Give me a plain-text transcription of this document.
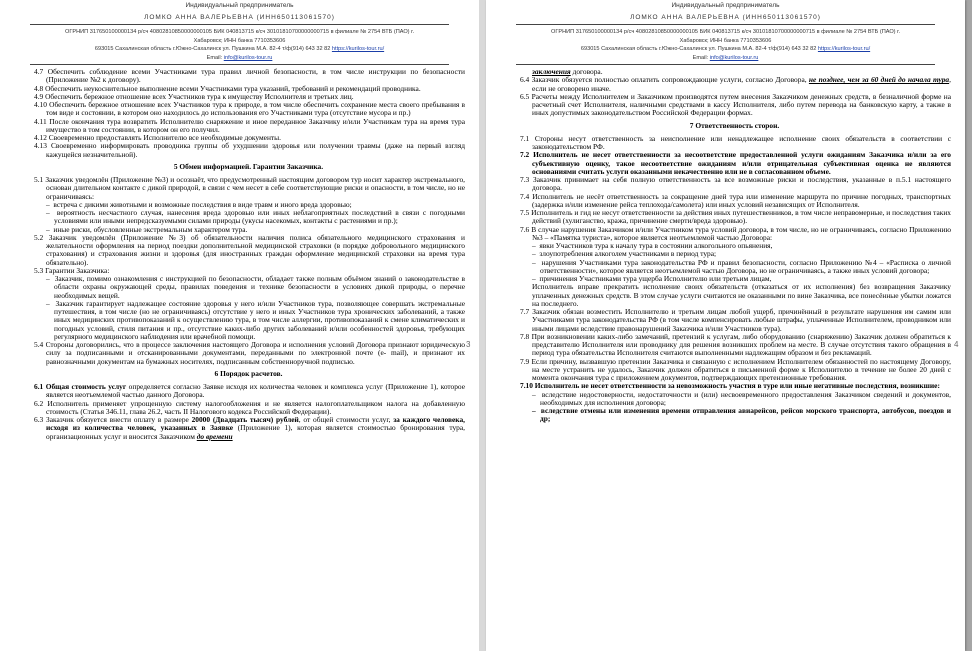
Индивидуальный предприниматель
ЛОМКО АННА ВАЛЕРЬЕВНА (ИНН650113061570)
ОГРНИП 317650100000134 р/сч 40802810850000000105 БИК 040813715 к/сч 30101810700000000715 в филиале № 2754 ВТБ (ПАО) г.
Хабаровск; ИНН банка 7710353606
693015 Сахалинская область г.Южно-Сахалинск ул. Пушкина М.А. 82-4 т/ф(914) 643 32 82 https://kurilos-tour.ru/
Email: info@kurilos-tour.ru
4.7 Обеспечить соблюдение всеми Участниками тура правил личной безопасности, в том числе инструкции по безопасности (Приложение №2 к договору).
4.8 Обеспечить неукоснительное выполнение всеми Участниками тура указаний, требований и рекомендаций проводника.
4.9 Обеспечить бережное отношение всех Участников тура к имуществу Исполнителя и третьих лиц.
4.10 Обеспечить бережное отношение всех Участников тура к природе, в том числе обеспечить сохранение места своего пребывания в том виде и состоянии, в котором оно находилось до использования его Участниками тура (отсутствие мусора и пр.)
4.11 После окончания тура возвратить Исполнителю снаряжение и иное переданное Заказчику и/или Участникам тура на время тура имущество в том состоянии, в котором он его получил.
4.12 Своевременно предоставлять Исполнителю все необходимые документы.
4.13 Своевременно информировать проводника группы об ухудшении здоровья или получении травмы (даже на первый взгляд кажущейся незначительной).
5 Обмен информацией. Гарантии Заказчика.
5.1 Заказчик уведомлён (Приложение №3) и осознаёт, что предусмотренный настоящим договором тур носит характер экстремального, основан длительном контакте с дикой природой, в связи с чем несет в себе соответствующие риски и опасности, в том числе, но не ограничиваясь:
–  встреча с дикими животными и возможные последствия в виде травм и иного вреда здоровью;
–  вероятность несчастного случая, нанесения вреда здоровью или иных неблагоприятных последствий в связи с погодными условиями или иными непредсказуемыми силами природы (укусы насекомых, контакты с растениями и пр.);
–  иные риски, обусловленные экстремальным характером тура.
5.2 Заказчик уведомлён (Приложение №3) об обязательности наличия полиса обязательного медицинского страхования и желательности оформления на период поездки дополнительной медицинской страховки (в порядке добровольного медицинского страхования) и страхования жизни и здоровья (для иностранных граждан оформление медицинской страховки на время тура обязательно).
5.3 Гарантии Заказчика:
–  Заказчик, помимо ознакомления с инструкцией по безопасности, обладает также полным объёмом знаний о законодательстве в области охраны окружающей среды, правилах поведения и технике безопасности в условиях дикой природы, о перечне необходимых вещей.
–  Заказчик гарантирует надлежащее состояние здоровья у него и/или Участников тура, позволяющее совершать экстремальные путешествия, в том числе (но не ограничиваясь) отсутствие у него и иных Участников тура хронических заболеваний, а также иных медицинских противопоказаний к осуществлению тура, в том числе аллергии, противопоказаний к смене климатических и погодных условий, стиля питания и пр., отсутствие каких-либо других заболеваний и/или особенностей здоровья, требующих регулярного медицинского наблюдения или врачебной помощи.
5.4 Стороны договорились, что в процессе заключения настоящего Договора и исполнения условий Договора признают юридическую силу за подписанными и отсканированными документами, переданными по электронной почте (e- mail), и признают их равнозначными документам на бумажных носителях, подписанным собственноручной подписью.
6 Порядок расчетов.
6.1 Общая стоимость услуг определяется согласно Заявке исходя их количества человек и комплекса услуг (Приложение 1), которое является неотъемлемой частью данного Договора.
6.2 Исполнитель применяет упрощенную систему налогообложения и не является налогоплательщиком налога на добавленную стоимость (Статья 346.11, глава 26.2, часть II Налогового кодекса Российской Федерации).
6.3 Заказчик обязуется внести оплату в размере 20000 (Двадцать тысяч) рублей, от общей стоимости услуг, за каждого человека, исходя из количества человек, указанных в Заявке (Приложение 1), которая является стоимостью бронирования тура, организационных услуг и вносится Заказчиком до времени
3
Индивидуальный предприниматель
ЛОМКО АННА ВАЛЕРЬЕВНА (ИНН650113061570)
ОГРНИП 317650100000134 р/сч 40802810850000000105 БИК 040813715 к/сч 30101810700000000715 в филиале № 2754 ВТБ (ПАО) г.
Хабаровск; ИНН банка 7710353606
693015 Сахалинская область г.Южно-Сахалинск ул. Пушкина М.А. 82-4 т/ф(914) 643 32 82 https://kurilos-tour.ru/
Email: info@kurilos-tour.ru
заключения договора.
6.4 Заказчик обязуется полностью оплатить сопровождающие услуги, согласно Договора, не позднее, чем за 60 дней до начала тура, если не оговорено иначе.
6.5 Расчеты между Исполнителем и Заказчиком производятся путем внесения Заказчиком денежных средств, в безналичной форме на расчетный счет Исполнителя, наличными средствами в кассу Исполнителя, либо путем перевода на банковскую карту, а также в иных допустимых законодательством Российской Федерации формах.
7 Ответственность сторон.
7.1 Стороны несут ответственность за неисполнение или ненадлежащее исполнение своих обязательств в соответствии с законодательством РФ.
7.2 Исполнитель не несет ответственности за несоответствие предоставленной услуги ожиданиям Заказчика и/или за его субъективную оценку, такое несоответствие ожиданиям и/или отрицательная субъективная оценка не являются основаниями считать услуги оказанными некачественно или не в согласованном объеме.
7.3 Заказчик принимает на себя полную ответственность за все возможные риски и последствия, указанные в п.5.1 настоящего договора.
7.4 Исполнитель не несёт ответственность за сокращение дней тура или изменение маршрута по причине погодных, транспортных (задержка и/или изменение рейса теплохода/самолета) или иных условий независящих от Исполнителя.
7.5 Исполнитель и гид не несут ответственности за действия иных путешественников, в том числе неправомерные, и последствия таких действий (хулиганство, кража, причинение смерти/вреда здоровью).
7.6 В случае нарушения Заказчиком и/или Участником тура условий договора, в том числе, но не ограничиваясь, согласно Приложению №3 – «Памятка туриста», которое является неотъемлемой частью Договора:
–  явки Участников тура к началу тура в состоянии алкогольного опьянения,
–  злоупотребления алкоголем участниками в период тура;
–  нарушения Участниками тура законодательства РФ и правил безопасности, согласно Приложению №4 – «Расписка о личной ответственности», которое является неотъемлемой частью Договора, но не ограничиваясь, а также иных условий договора;
–  причинения Участниками тура ущерба Исполнителю или третьим лицам,
Исполнитель вправе прекратить исполнение своих обязательств (отказаться от их исполнения) без возвращения Заказчику уплаченных денежных средств. В этом случае услуги считаются не оказанными по вине Заказчика, все понесённые убытки ложатся на последнего.
7.7 Заказчик обязан возместить Исполнителю и третьим лицам любой ущерб, причинённый в результате нарушения им самим или Участниками тура законодательства РФ (в том числе компенсировать любые штрафы, уплаченные Исполнителем, проводником или иными лицами вследствие правонарушений Заказчика и/или Участников тура).
7.8 При возникновении каких-либо замечаний, претензий к услугам, либо оборудованию (снаряжению) Заказчик должен обратиться к представителю Исполнителя или проводнику для решения возникших проблем на месте. В случае отсутствия такого обращения в период тура обязательства Исполнителя считаются выполненными надлежащим образом и без рекламаций.
7.9 Если причину, вызвавшую претензии Заказчика и связанную с исполнением Исполнителем обязанностей по настоящему Договору, на месте устранить не удалось, Заказчик должен обратиться в письменной форме к Исполнителю в течение не более 20 дней с момента окончания тура с приложением документов, подтверждающих претензионные требования.
7.10 Исполнитель не несет ответственности за невозможность участия в туре или иные негативные последствия, возникшие:
–  вследствие недостоверности, недостаточности и (или) несвоевременного предоставления Заказчиком сведений и документов, необходимых для исполнения договора;
–  вследствие отмены или изменения времени отправления авиарейсов, рейсов морского транспорта, автобусов, поездов и др;
4
